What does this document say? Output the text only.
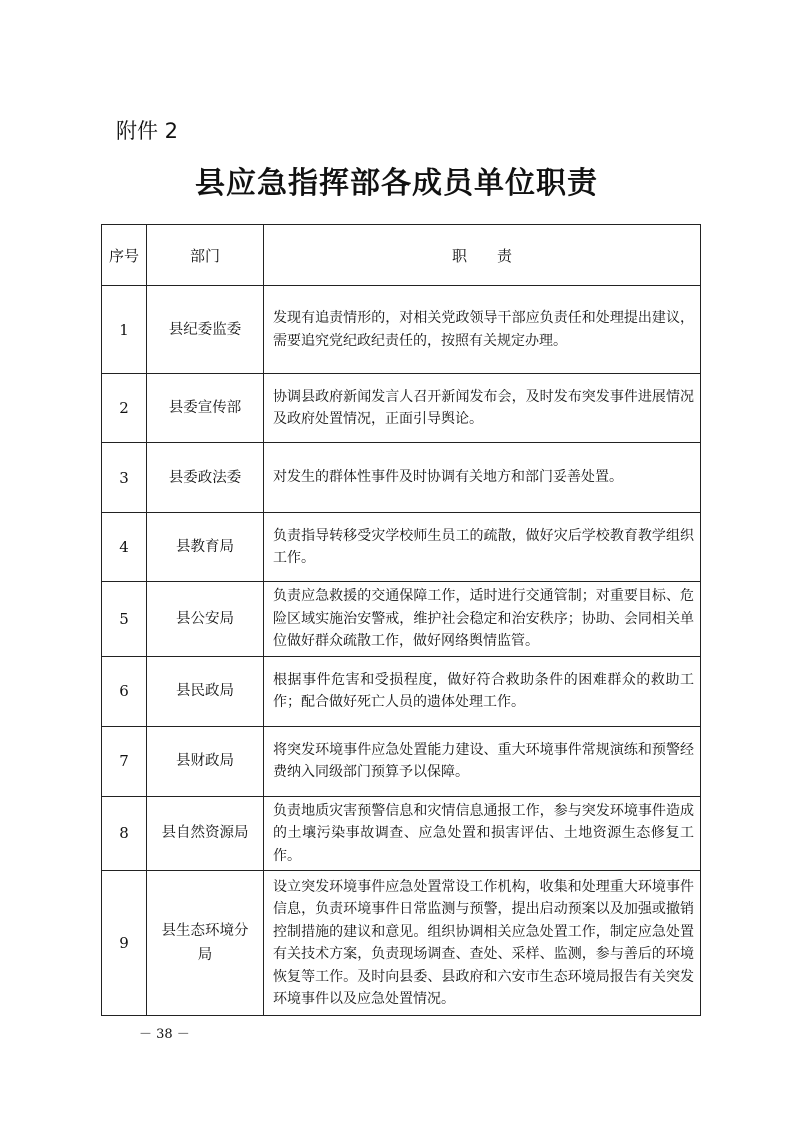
附件 2
县应急指挥部各成员单位职责
序号	部门	职　　责
1	县纪委监委	发现有追责情形的，对相关党政领导干部应负责任和处理提出建议，需要追究党纪政纪责任的，按照有关规定办理。
2	县委宣传部	协调县政府新闻发言人召开新闻发布会，及时发布突发事件进展情况及政府处置情况，正面引导舆论。
3	县委政法委	对发生的群体性事件及时协调有关地方和部门妥善处置。
4	县教育局	负责指导转移受灾学校师生员工的疏散，做好灾后学校教育教学组织工作。
5	县公安局	负责应急救援的交通保障工作，适时进行交通管制；对重要目标、危险区域实施治安警戒，维护社会稳定和治安秩序；协助、会同相关单位做好群众疏散工作，做好网络舆情监管。
6	县民政局	根据事件危害和受损程度，做好符合救助条件的困难群众的救助工作；配合做好死亡人员的遗体处理工作。
7	县财政局	将突发环境事件应急处置能力建设、重大环境事件常规演练和预警经费纳入同级部门预算予以保障。
8	县自然资源局	负责地质灾害预警信息和灾情信息通报工作，参与突发环境事件造成的土壤污染事故调查、应急处置和损害评估、土地资源生态修复工作。
9	县生态环境分局	设立突发环境事件应急处置常设工作机构，收集和处理重大环境事件信息，负责环境事件日常监测与预警，提出启动预案以及加强或撤销控制措施的建议和意见。组织协调相关应急处置工作，制定应急处置有关技术方案，负责现场调查、查处、采样、监测，参与善后的环境恢复等工作。及时向县委、县政府和六安市生态环境局报告有关突发环境事件以及应急处置情况。
－ 38 －
